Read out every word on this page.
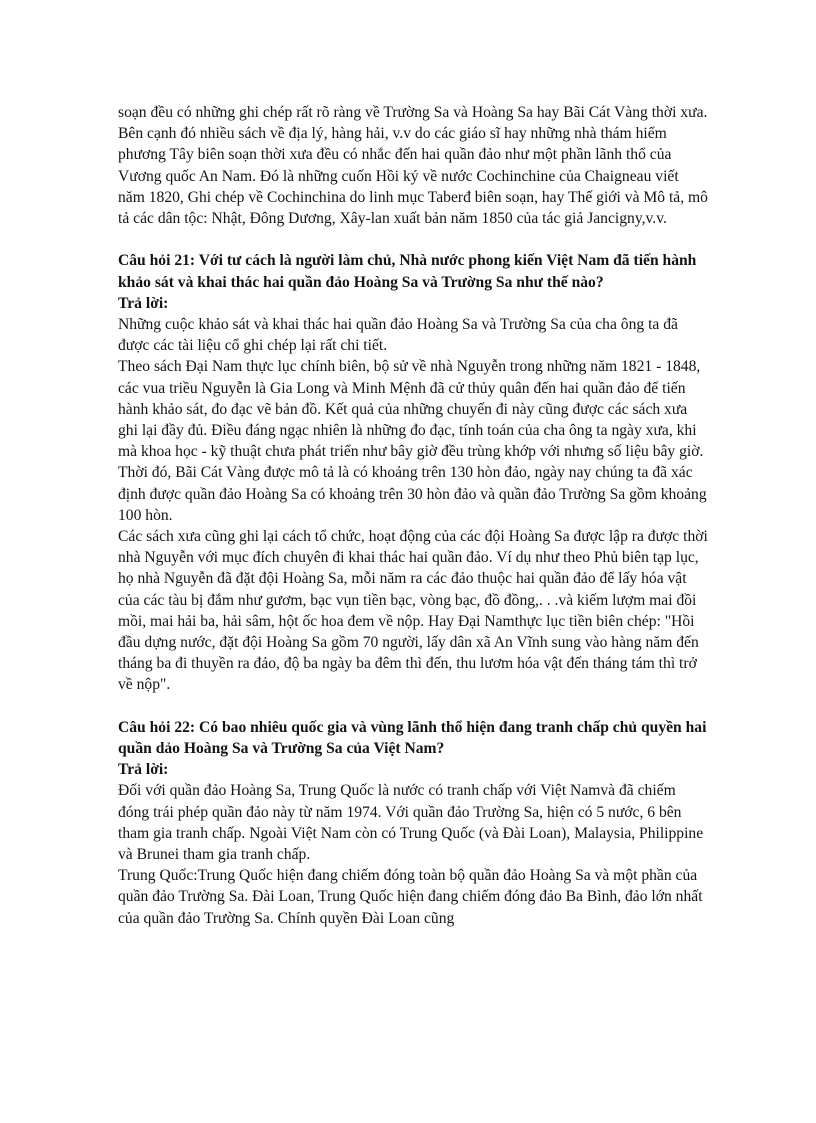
soạn đều có những ghi chép rất rõ ràng về Trường Sa và Hoàng Sa hay Bãi Cát Vàng thời xưa. Bên cạnh đó nhiều sách về địa lý, hàng hải, v.v do các giáo sĩ hay những nhà thám hiểm phương Tây biên soạn thời xưa đều có nhắc đến hai quần đảo như một phần lãnh thổ của Vương quốc An Nam. Đó là những cuốn Hồi ký về nước Cochinchine của Chaigneau viết năm 1820, Ghi chép về Cochinchina do linh mục Taberđ biên soạn, hay Thế giới và Mô tả, mô tả các dân tộc: Nhật, Đông Dương, Xây-lan xuất bản năm 1850 của tác giả Jancigny,v.v.

Câu hỏi 21: Với tư cách là người làm chủ, Nhà nước phong kiến Việt Nam đã tiến hành khảo sát và khai thác hai quần đảo Hoàng Sa và Trường Sa như thế nào?

Trả lời:

Những cuộc khảo sát và khai thác hai quần đảo Hoàng Sa và Trường Sa của cha ông ta đã được các tài liệu cổ ghi chép lại rất chi tiết.

Theo sách Đại Nam thực lục chính biên, bộ sử về nhà Nguyễn trong những năm 1821 - 1848, các vua triều Nguyễn là Gia Long và Minh Mệnh đã cử thủy quân đến hai quần đảo để tiến hành khảo sát, đo đạc vẽ bản đồ. Kết quả của những chuyến đi này cũng được các sách xưa ghi lại đầy đủ. Điều đáng ngạc nhiên là những đo đạc, tính toán của cha ông ta ngày xưa, khi mà khoa học - kỹ thuật chưa phát triển như bây giờ đều trùng khớp với nhưng số liệu bây giờ. Thời đó, Bãi Cát Vàng được mô tả là có khoảng trên 130 hòn đảo, ngày nay chúng ta đã xác định được quần đảo Hoàng Sa có khoảng trên 30 hòn đảo và quần đảo Trường Sa gồm khoảng 100 hòn.

Các sách xưa cũng ghi lại cách tổ chức, hoạt động của các đội Hoàng Sa được lập ra được thời nhà Nguyễn với mục đích chuyên đi khai thác hai quần đảo. Ví dụ như theo Phủ biên tạp lục, họ nhà Nguyễn đã đặt đội Hoàng Sa, mỗi năm ra các đảo thuộc hai quần đảo để lấy hóa vật của các tàu bị đắm như gươm, bạc vụn tiền bạc, vòng bạc, đồ đồng,. . .và kiếm lượm mai đồi mồi, mai hải ba, hải sâm, hột ốc hoa đem về nộp. Hay Đại Namthực lục tiền biên chép: "Hồi đầu dựng nước, đặt đội Hoàng Sa gồm 70 người, lấy dân xã An Vĩnh sung vào hàng năm đến tháng ba đi thuyền ra đảo, độ ba ngày ba đêm thì đến, thu lươm hóa vật đến tháng tám thì trở về nộp".

Câu hỏi 22: Có bao nhiêu quốc gia và vùng lãnh thổ hiện đang tranh chấp chủ quyền hai quần dảo Hoàng Sa và Trường Sa của Việt Nam?

Trả lời:

Đối với quần đảo Hoàng Sa, Trung Quốc là nước có tranh chấp với Việt Namvà đã chiếm đóng trái phép quần đảo này từ năm 1974. Với quần đảo Trường Sa, hiện có 5 nước, 6 bên tham gia tranh chấp. Ngoài Việt Nam còn có Trung Quốc (và Đài Loan), Malaysia, Philippine và Brunei tham gia tranh chấp.

Trung Quốc:Trung Quốc hiện đang chiếm đóng toàn bộ quần đảo Hoàng Sa và một phần của quần đảo Trường Sa. Đài Loan, Trung Quốc hiện đang chiếm đóng đảo Ba Bình, đảo lớn nhất của quần đảo Trường Sa. Chính quyền Đài Loan cũng
